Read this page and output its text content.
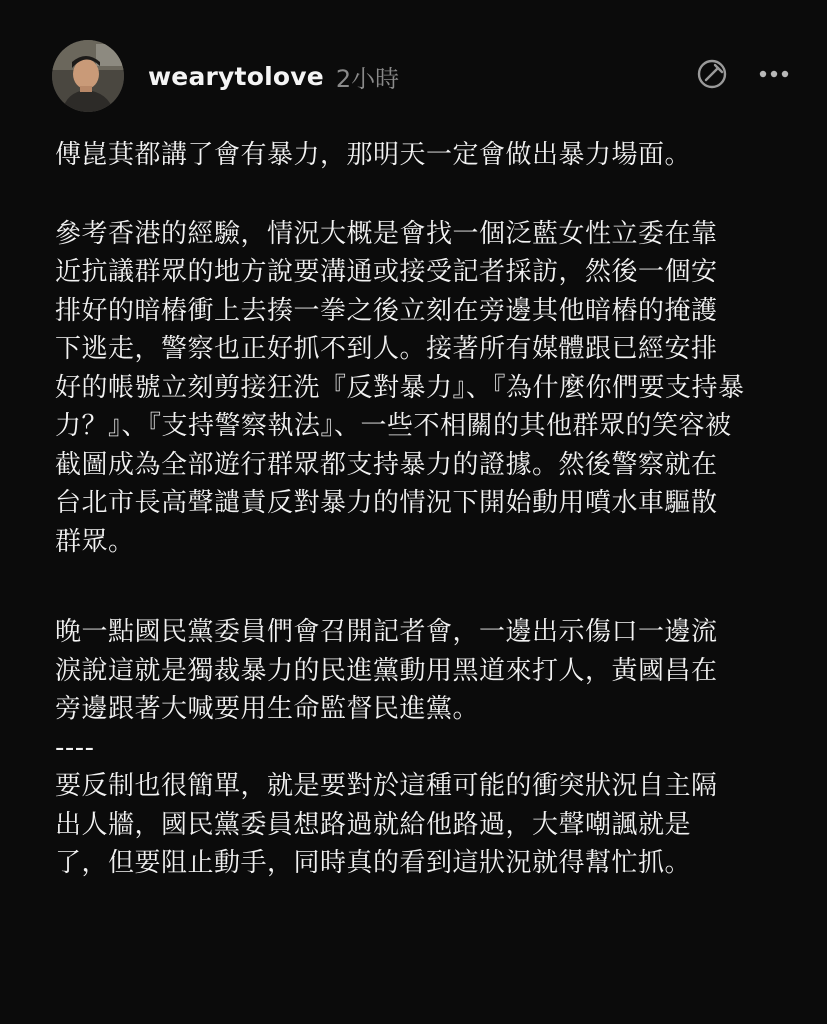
wearytolove 2小時

傅崑萁都講了會有暴力，那明天一定會做出暴力場面。

參考香港的經驗，情況大概是會找一個泛藍女性立委在靠
近抗議群眾的地方說要溝通或接受記者採訪，然後一個安
排好的暗樁衝上去揍一拳之後立刻在旁邊其他暗樁的掩護
下逃走，警察也正好抓不到人。接著所有媒體跟已經安排
好的帳號立刻剪接狂洗『反對暴力』、『為什麼你們要支持暴
力？』、『支持警察執法』、一些不相關的其他群眾的笑容被
截圖成為全部遊行群眾都支持暴力的證據。然後警察就在
台北市長高聲譴責反對暴力的情況下開始動用噴水車驅散
群眾。

晚一點國民黨委員們會召開記者會，一邊出示傷口一邊流
淚說這就是獨裁暴力的民進黨動用黑道來打人，黃國昌在
旁邊跟著大喊要用生命監督民進黨。
----
要反制也很簡單，就是要對於這種可能的衝突狀況自主隔
出人牆，國民黨委員想路過就給他路過，大聲嘲諷就是
了，但要阻止動手，同時真的看到這狀況就得幫忙抓。
